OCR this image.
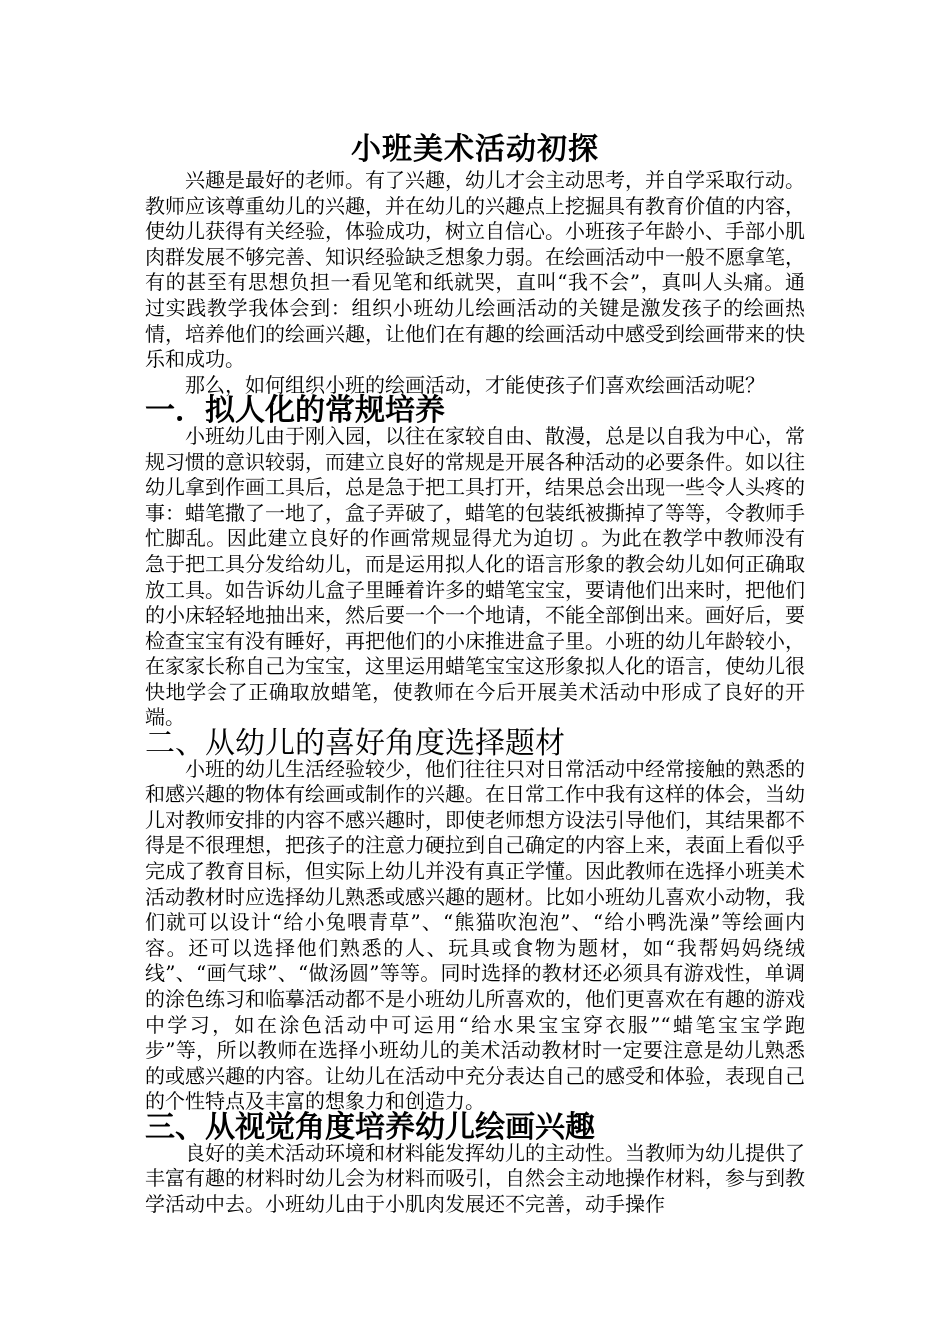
小班美术活动初探

兴趣是最好的老师。有了兴趣，幼儿才会主动思考，并自学采取行动。教师应该尊重幼儿的兴趣，并在幼儿的兴趣点上挖掘具有教育价值的内容，使幼儿获得有关经验，体验成功，树立自信心。小班孩子年龄小、手部小肌肉群发展不够完善、知识经验缺乏想象力弱。在绘画活动中一般不愿拿笔，有的甚至有思想负担一看见笔和纸就哭，直叫“我不会”，真叫人头痛。通过实践教学我体会到：组织小班幼儿绘画活动的关键是激发孩子的绘画热情，培养他们的绘画兴趣，让他们在有趣的绘画活动中感受到绘画带来的快乐和成功。

那么，如何组织小班的绘画活动，才能使孩子们喜欢绘画活动呢？

一．拟人化的常规培养

小班幼儿由于刚入园，以往在家较自由、散漫，总是以自我为中心，常规习惯的意识较弱，而建立良好的常规是开展各种活动的必要条件。如以往幼儿拿到作画工具后，总是急于把工具打开，结果总会出现一些令人头疼的事：蜡笔撒了一地了，盒子弄破了，蜡笔的包装纸被撕掉了等等，令教师手忙脚乱。因此建立良好的作画常规显得尤为迫切 。为此在教学中教师没有急于把工具分发给幼儿，而是运用拟人化的语言形象的教会幼儿如何正确取放工具。如告诉幼儿盒子里睡着许多的蜡笔宝宝，要请他们出来时，把他们的小床轻轻地抽出来，然后要一个一个地请，不能全部倒出来。画好后，要检查宝宝有没有睡好，再把他们的小床推进盒子里。小班的幼儿年龄较小，在家家长称自己为宝宝，这里运用蜡笔宝宝这形象拟人化的语言，使幼儿很快地学会了正确取放蜡笔，使教师在今后开展美术活动中形成了良好的开端。

二、从幼儿的喜好角度选择题材

小班的幼儿生活经验较少，他们往往只对日常活动中经常接触的熟悉的和感兴趣的物体有绘画或制作的兴趣。在日常工作中我有这样的体会，当幼儿对教师安排的内容不感兴趣时，即使老师想方设法引导他们，其结果都不得是不很理想，把孩子的注意力硬拉到自己确定的内容上来，表面上看似乎完成了教育目标，但实际上幼儿并没有真正学懂。因此教师在选择小班美术活动教材时应选择幼儿熟悉或感兴趣的题材。比如小班幼儿喜欢小动物，我们就可以设计“给小兔喂青草”、“熊猫吹泡泡”、“给小鸭洗澡”等绘画内容。还可以选择他们熟悉的人、玩具或食物为题材，如“我帮妈妈绕绒线”、“画气球”、“做汤圆”等等。同时选择的教材还必须具有游戏性，单调的涂色练习和临摹活动都不是小班幼儿所喜欢的，他们更喜欢在有趣的游戏中学习，如在涂色活动中可运用“给水果宝宝穿衣服”“蜡笔宝宝学跑步”等，所以教师在选择小班幼儿的美术活动教材时一定要注意是幼儿熟悉的或感兴趣的内容。让幼儿在活动中充分表达自己的感受和体验，表现自己的个性特点及丰富的想象力和创造力。

三、从视觉角度培养幼儿绘画兴趣

良好的美术活动环境和材料能发挥幼儿的主动性。当教师为幼儿提供了丰富有趣的材料时幼儿会为材料而吸引，自然会主动地操作材料，参与到教学活动中去。小班幼儿由于小肌肉发展还不完善，动手操作
